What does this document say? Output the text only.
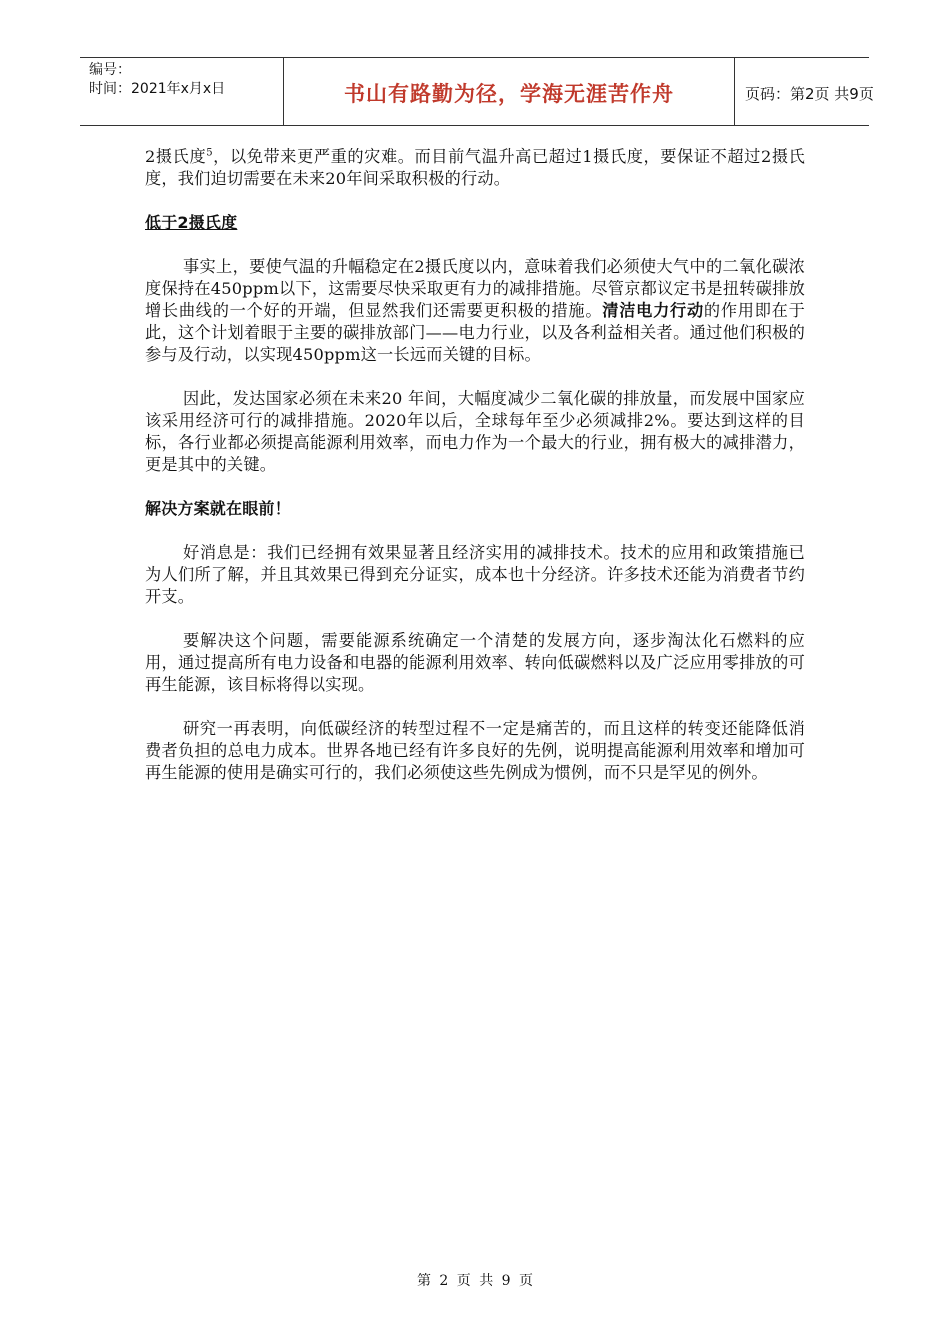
编号：
时间：2021年x月x日	书山有路勤为径，学海无涯苦作舟	页码：第2页 共9页

2摄氏度$^5$，以免带来更严重的灾难。而目前气温升高已超过1摄氏度，要保证不超过2摄氏度，我们迫切需要在未来20年间采取积极的行动。

低于2摄氏度

事实上，要使气温的升幅稳定在2摄氏度以内，意味着我们必须使大气中的二氧化碳浓度保持在450ppm以下，这需要尽快采取更有力的减排措施。尽管京都议定书是扭转碳排放增长曲线的一个好的开端，但显然我们还需要更积极的措施。清洁电力行动的作用即在于此，这个计划着眼于主要的碳排放部门——电力行业，以及各利益相关者。通过他们积极的参与及行动，以实现450ppm这一长远而关键的目标。

因此，发达国家必须在未来20 年间，大幅度减少二氧化碳的排放量，而发展中国家应该采用经济可行的减排措施。2020年以后，全球每年至少必须减排2%。要达到这样的目标，各行业都必须提高能源利用效率，而电力作为一个最大的行业，拥有极大的减排潜力，更是其中的关键。

解决方案就在眼前！

好消息是：我们已经拥有效果显著且经济实用的减排技术。技术的应用和政策措施已为人们所了解，并且其效果已得到充分证实，成本也十分经济。许多技术还能为消费者节约开支。

要解决这个问题，需要能源系统确定一个清楚的发展方向，逐步淘汰化石燃料的应用，通过提高所有电力设备和电器的能源利用效率、转向低碳燃料以及广泛应用零排放的可再生能源，该目标将得以实现。

研究一再表明，向低碳经济的转型过程不一定是痛苦的，而且这样的转变还能降低消费者负担的总电力成本。世界各地已经有许多良好的先例，说明提高能源利用效率和增加可再生能源的使用是确实可行的，我们必须使这些先例成为惯例，而不只是罕见的例外。

第 2 页 共 9 页
